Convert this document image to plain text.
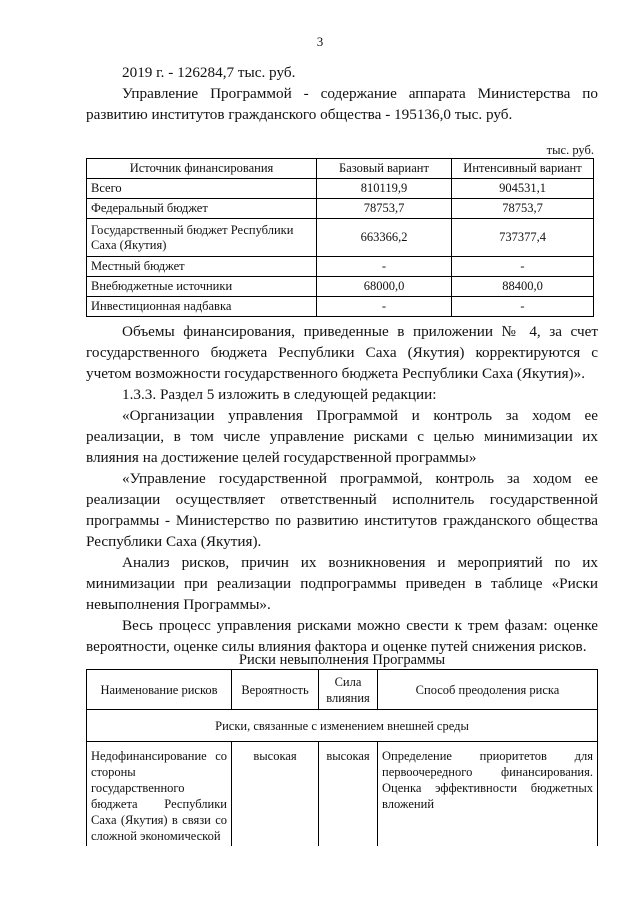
3
2019 г. - 126284,7 тыс. руб.
Управление Программой - содержание аппарата Министерства по развитию институтов гражданского общества - 195136,0 тыс. руб.
тыс. руб.
Источник финансирования	Базовый вариант	Интенсивный вариант
Всего	810119,9	904531,1
Федеральный бюджет	78753,7	78753,7
Государственный бюджет Республики Саха (Якутия)	663366,2	737377,4
Местный бюджет	-	-
Внебюджетные источники	68000,0	88400,0
Инвестиционная надбавка	-	-
Объемы финансирования, приведенные в приложении № 4, за счет государственного бюджета Республики Саха (Якутия) корректируются с учетом возможности государственного бюджета Республики Саха (Якутия)».
1.3.3. Раздел 5 изложить в следующей редакции:
«Организации управления Программой и контроль за ходом ее реализации, в том числе управление рисками с целью минимизации их влияния на достижение целей государственной программы»
«Управление государственной программой, контроль за ходом ее реализации осуществляет ответственный исполнитель государственной программы - Министерство по развитию институтов гражданского общества Республики Саха (Якутия).
Анализ рисков, причин их возникновения и мероприятий по их минимизации при реализации подпрограммы приведен в таблице «Риски невыполнения Программы».
Весь процесс управления рисками можно свести к трем фазам: оценке вероятности, оценке силы влияния фактора и оценке путей снижения рисков.
Риски невыполнения Программы
Наименование рисков	Вероятность	Сила влияния	Способ преодоления риска
Риски, связанные с изменением внешней среды			
Недофинансирование со стороны государственного бюджета Республики Саха (Якутия) в связи со сложной экономической	высокая	высокая	Определение приоритетов для первоочередного финансирования. Оценка эффективности бюджетных вложений
